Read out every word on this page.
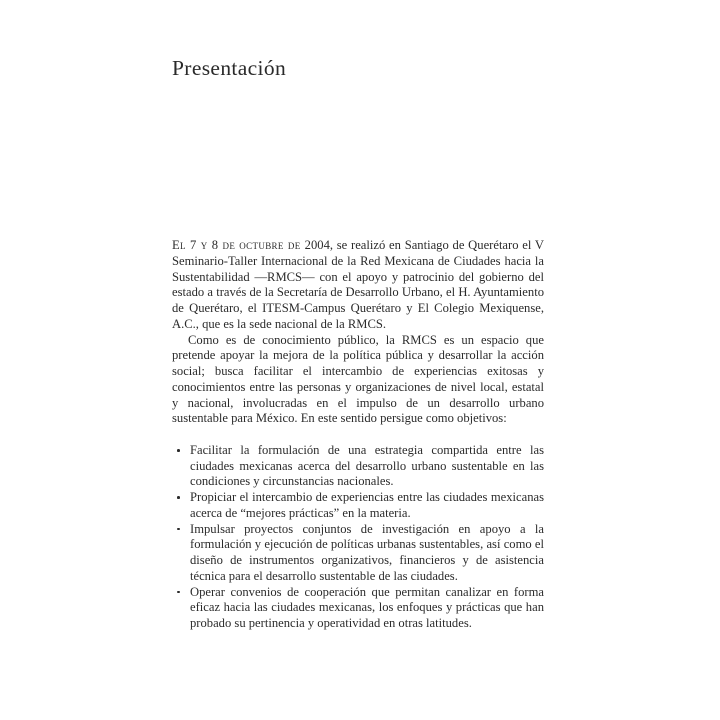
Presentación

El 7 y 8 de octubre de 2004, se realizó en Santiago de Querétaro el V Seminario-Taller Internacional de la Red Mexicana de Ciudades hacia la Sustentabilidad —RMCS— con el apoyo y patrocinio del gobierno del estado a través de la Secretaría de Desarrollo Urbano, el H. Ayuntamiento de Querétaro, el ITESM-Campus Querétaro y El Colegio Mexiquense, A.C., que es la sede nacional de la RMCS.

Como es de conocimiento público, la RMCS es un espacio que pretende apoyar la mejora de la política pública y desarrollar la acción social; busca facilitar el intercambio de experiencias exitosas y conocimientos entre las personas y organizaciones de nivel local, estatal y nacional, involucradas en el impulso de un desarrollo urbano sustentable para México. En este sentido persigue como objetivos:

Facilitar la formulación de una estrategia compartida entre las ciudades mexicanas acerca del desarrollo urbano sustentable en las condiciones y circunstancias nacionales.
Propiciar el intercambio de experiencias entre las ciudades mexicanas acerca de “mejores prácticas” en la materia.
Impulsar proyectos conjuntos de investigación en apoyo a la formulación y ejecución de políticas urbanas sustentables, así como el diseño de instrumentos organizativos, financieros y de asistencia técnica para el desarrollo sustentable de las ciudades.
Operar convenios de cooperación que permitan canalizar en forma eficaz hacia las ciudades mexicanas, los enfoques y prácticas que han probado su pertinencia y operatividad en otras latitudes.
